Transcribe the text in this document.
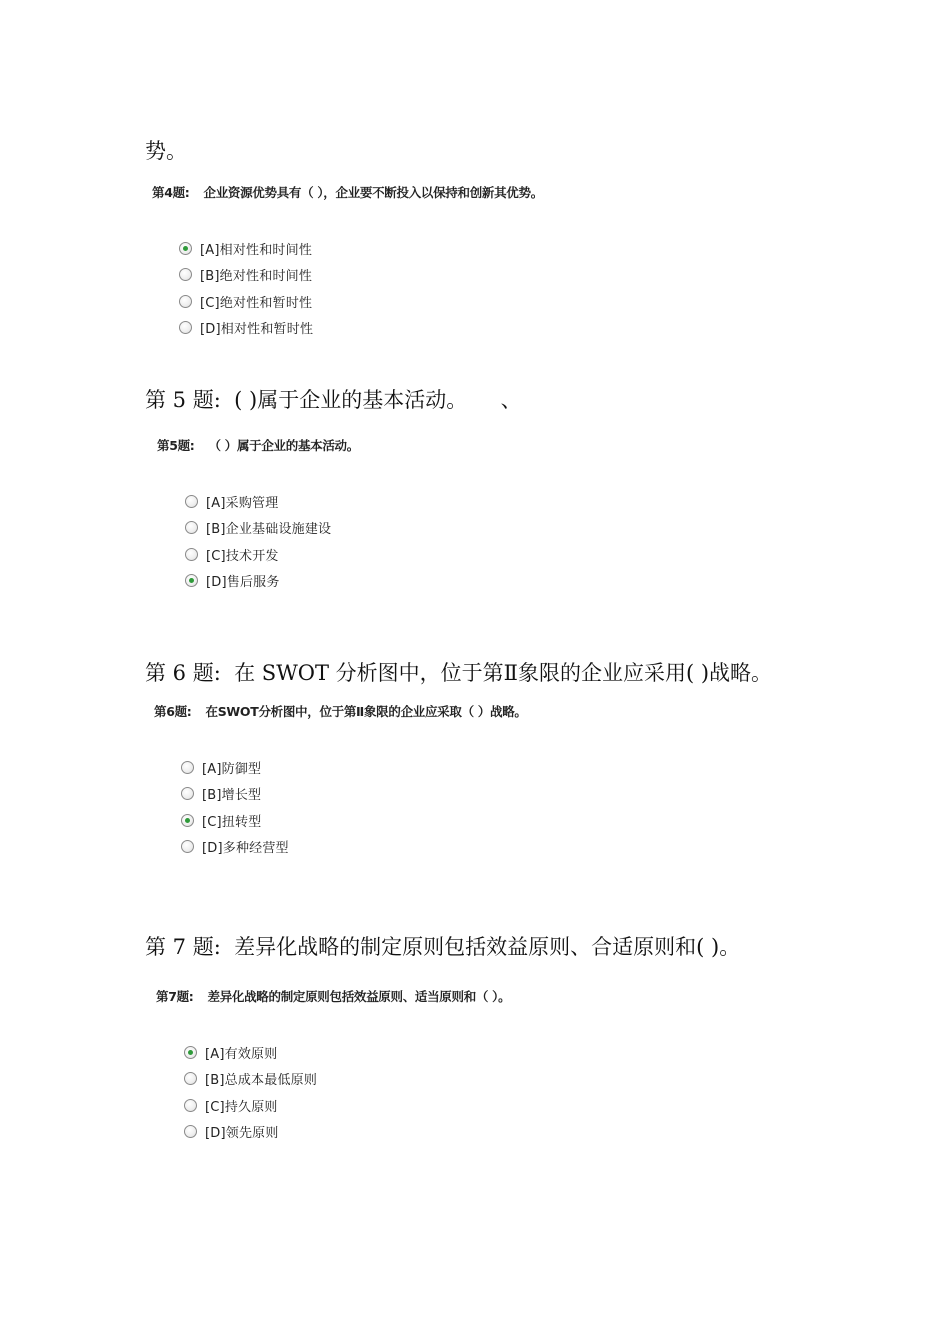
势。
第4题: 企业资源优势具有（ ），企业要不断投入以保持和创新其优势。
[A]相对性和时间性
[B]绝对性和时间性
[C]绝对性和暂时性
[D]相对性和暂时性
第 5 题:  ( )属于企业的基本活动。     、
第5题: （ ）属于企业的基本活动。
[A]采购管理
[B]企业基础设施建设
[C]技术开发
[D]售后服务
第 6 题:  在 SWOT 分析图中，位于第Ⅱ象限的企业应采用( )战略。
第6题: 在SWOT分析图中，位于第Ⅱ象限的企业应采取（ ）战略。
[A]防御型
[B]增长型
[C]扭转型
[D]多种经营型
第 7 题:  差异化战略的制定原则包括效益原则、合适原则和( )。
第7题: 差异化战略的制定原则包括效益原则、适当原则和（ ）。
[A]有效原则
[B]总成本最低原则
[C]持久原则
[D]领先原则
